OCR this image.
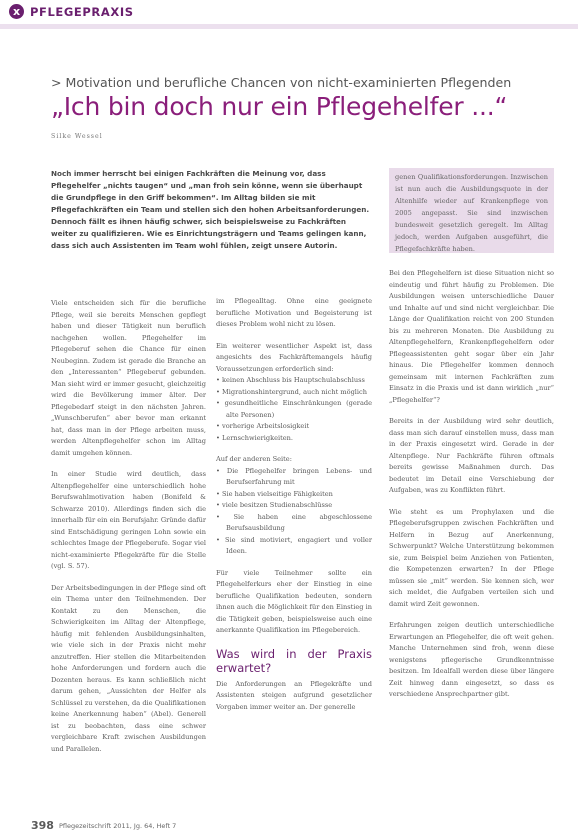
x PFLEGEPRAXIS
> Motivation und berufliche Chancen von nicht-examinierten Pflegenden
„Ich bin doch nur ein Pflegehelfer ...“
Silke Wessel

Noch immer herrscht bei einigen Fachkräften die Meinung vor, dass Pflegehelfer „nichts taugen“ und „man froh sein könne, wenn sie überhaupt die Grundpflege in den Griff bekommen“. Im Alltag bilden sie mit Pflegefachkräften ein Team und stellen sich den hohen Arbeitsanforderungen. Dennoch fällt es ihnen häufig schwer, sich beispielsweise zu Fachkräften weiter zu qualifizieren. Wie es Einrichtungsträgern und Teams gelingen kann, dass sich auch Assistenten im Team wohl fühlen, zeigt unsere Autorin.

genen Qualifikationsforderungen. Inzwischen ist nun auch die Ausbildungsquote in der Altenhilfe wieder auf Krankenpflege von 2005 angepasst. Sie sind inzwischen bundesweit gesetzlich geregelt. Im Alltag jedoch, werden Aufgaben ausgeführt, die Pflegefachkräfte haben.

Viele entscheiden sich für die berufliche Pflege, weil sie bereits Menschen gepflegt haben und dieser Tätigkeit nun beruflich nachgehen wollen. Pflegehelfer im Pflegeberuf sehen die Chance für einen Neubeginn. Zudem ist gerade die Branche an den „Interessanten“ Pflegeberuf gebunden. Man sieht wird er immer gesucht, gleichzeitig wird die Bevölkerung immer älter. Der Pflegebedarf steigt in den nächsten Jahren. „Wunschberufen“ aber bevor man erkannt hat, dass man in der Pflege arbeiten muss, werden Altenpflegehelfer schon im Alltag damit umgehen können.

In einer Studie wird deutlich, dass Altenpflegehelfer eine unterschiedlich hohe Berufswahlmotivation haben (Bonifeld & Schwarze 2010). Allerdings finden sich die innerhalb für ein ein Berufsjahr. Gründe dafür sind Entschädigung geringen Lohn sowie ein schlechtes Image der Pflegeberufe. Sogar viel nicht-examinierte Pflegekräfte für die Stelle (vgl. S. 57).

Der Arbeitsbedingungen in der Pflege sind oft ein Thema unter den Teilnehmenden. Der Kontakt zu den Menschen, die Schwierigkeiten im Alltag der Altenpflege, häufig mit fehlenden Ausbildungsinhalten, wie viele sich in der Praxis nicht mehr anzutreffen. Hier stellen die Mitarbeitenden hohe Anforderungen und fordern auch die Dozenten heraus. Es kann schließlich nicht darum gehen, „Aussichten der Helfer als Schlüssel zu verstehen, da die Qualifikationen keine Anerkennung haben“ (Abel). Generell ist zu beobachten, dass eine schwer vergleichbare Kraft zwischen Ausbildungen und Parallelen.

im Pflegealltag. Ohne eine geeignete berufliche Motivation und Begeisterung ist dieses Problem wohl nicht zu lösen.

Ein weiterer wesentlicher Aspekt ist, dass angesichts des Fachkräftemangels häufig Voraussetzungen erforderlich sind:

• keinen Abschluss bis Hauptschulabschluss
• Migrationshintergrund, auch nicht möglich
• gesundheitliche Einschränkungen (gerade alte Personen)
• vorherige Arbeitslosigkeit
• Lernschwierigkeiten.

Auf der anderen Seite:

• Die Pflegehelfer bringen Lebens- und Berufserfahrung mit
• Sie haben vielseitige Fähigkeiten
• viele besitzen Studienabschlüsse
• Sie haben eine abgeschlossene Berufsausbildung
• Sie sind motiviert, engagiert und voller Ideen.

Für viele Teilnehmer sollte ein Pflegehelferkurs eher der Einstieg in eine berufliche Qualifikation bedeuten, sondern ihnen auch die Möglichkeit für den Einstieg in die Tätigkeit geben, beispielsweise auch eine anerkannte Qualifikation im Pflegebereich.

Was wird in der Praxis erwartet?

Die Anforderungen an Pflegekräfte und Assistenten steigen aufgrund gesetzlicher Vorgaben immer weiter an. Der generelle

Bei den Pflegehelfern ist diese Situation nicht so eindeutig und führt häufig zu Problemen. Die Ausbildungen weisen unterschiedliche Dauer und Inhalte auf und sind nicht vergleichbar. Die Länge der Qualifikation reicht von 200 Stunden bis zu mehreren Monaten. Die Ausbildung zu Altenpflegehelfern, Krankenpflegehelfern oder Pflegeassistenten geht sogar über ein Jahr hinaus. Die Pflegehelfer kommen dennoch gemeinsam mit internen Fachkräften zum Einsatz in die Praxis und ist dann wirklich „nur“ „Pflegehelfer“?

Bereits in der Ausbildung wird sehr deutlich, dass man sich darauf einstellen muss, dass man in der Praxis eingesetzt wird. Gerade in der Altenpflege. Nur Fachkräfte führen oftmals bereits gewisse Maßnahmen durch. Das bedeutet im Detail eine Verschiebung der Aufgaben, was zu Konflikten führt.

Wie steht es um Prophylaxen und die Pflegeberufsgruppen zwischen Fachkräften und Helfern in Bezug auf Anerkennung, Schwerpunkt? Welche Unterstützung bekommen sie, zum Beispiel beim Anziehen von Patienten, die Kompetenzen erwarten? In der Pflege müssen sie „mit“ werden. Sie kennen sich, wer sich meldet, die Aufgaben verteilen sich und damit wird Zeit gewonnen.

Erfahrungen zeigen deutlich unterschiedliche Erwartungen an Pflegehelfer, die oft weit gehen. Manche Unternehmen sind froh, wenn diese wenigstens pflegerische Grundkenntnisse besitzen. Im Idealfall werden diese über längere Zeit hinweg dann eingesetzt, so dass es verschiedene Ansprechpartner gibt.

398 Pflegezeitschrift 2011, Jg. 64, Heft 7
